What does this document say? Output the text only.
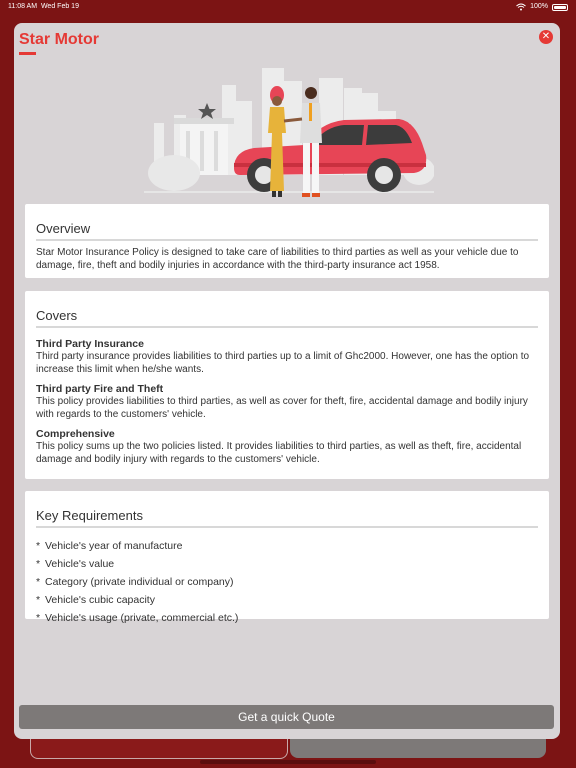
11:08 AM Wed Feb 19	100%
Star Motor	✕
Overview
Star Motor Insurance Policy is designed to take care of liabilities to third parties as well as your vehicle due to damage, fire, theft and bodily injuries in accordance with the third-party insurance act 1958.
Covers
Third Party Insurance
Third party insurance provides liabilities to third parties up to a limit of Ghc2000. However, one has the option to increase this limit when he/she wants.
Third party Fire and Theft
This policy provides liabilities to third parties, as well as cover for theft, fire, accidental damage and bodily injury with regards to the customers' vehicle.
Comprehensive
This policy sums up the two policies listed. It provides liabilities to third parties, as well as theft, fire, accidental damage and bodily injury with regards to the customers' vehicle.
Key Requirements
* Vehicle's year of manufacture
* Vehicle's value
* Category (private individual or company)
* Vehicle's cubic capacity
* Vehicle's usage (private, commercial etc.)
Get a quick Quote
